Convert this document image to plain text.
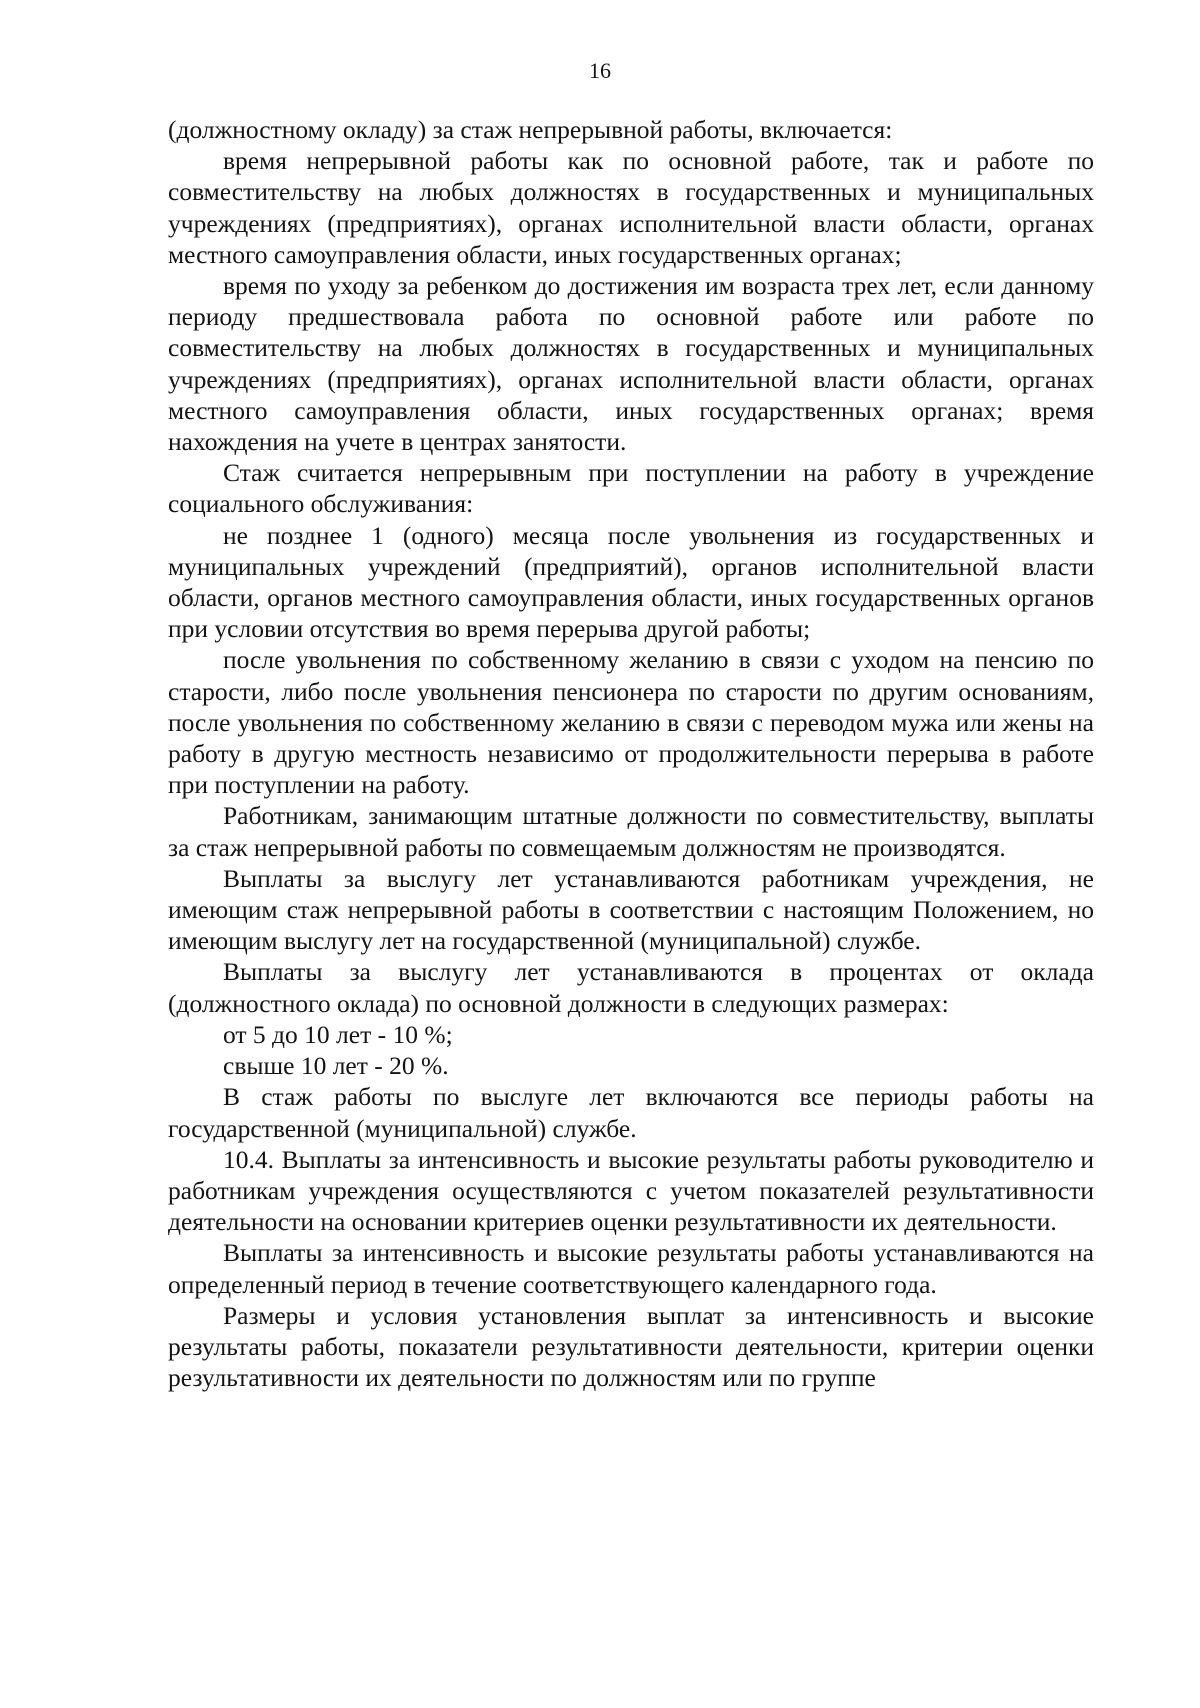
16

(должностному окладу) за стаж непрерывной работы, включается:

время непрерывной работы как по основной работе, так и работе по совместительству на любых должностях в государственных и муниципальных учреждениях (предприятиях), органах исполнительной власти области, органах местного самоуправления области, иных государственных органах;

время по уходу за ребенком до достижения им возраста трех лет, если данному периоду предшествовала работа по основной работе или работе по совместительству на любых должностях в государственных и муниципальных учреждениях (предприятиях), органах исполнительной власти области, органах местного самоуправления области, иных государственных органах; время нахождения на учете в центрах занятости.

Стаж считается непрерывным при поступлении на работу в учреждение социального обслуживания:

не позднее 1 (одного) месяца после увольнения из государственных и муниципальных учреждений (предприятий), органов исполнительной власти области, органов местного самоуправления области, иных государственных органов при условии отсутствия во время перерыва другой работы;

после увольнения по собственному желанию в связи с уходом на пенсию по старости, либо после увольнения пенсионера по старости по другим основаниям, после увольнения по собственному желанию в связи с переводом мужа или жены на работу в другую местность независимо от продолжительности перерыва в работе при поступлении на работу.

Работникам, занимающим штатные должности по совместительству, выплаты за стаж непрерывной работы по совмещаемым должностям не производятся.

Выплаты за выслугу лет устанавливаются работникам учреждения, не имеющим стаж непрерывной работы в соответствии с настоящим Положением, но имеющим выслугу лет на государственной (муниципальной) службе.

Выплаты за выслугу лет устанавливаются в процентах от оклада (должностного оклада) по основной должности в следующих размерах:

от 5 до 10 лет - 10 %;

свыше 10 лет - 20 %.

В стаж работы по выслуге лет включаются все периоды работы на государственной (муниципальной) службе.

10.4. Выплаты за интенсивность и высокие результаты работы руководителю и работникам учреждения осуществляются с учетом показателей результативности деятельности на основании критериев оценки результативности их деятельности.

Выплаты за интенсивность и высокие результаты работы устанавливаются на определенный период в течение соответствующего календарного года.

Размеры и условия установления выплат за интенсивность и высокие результаты работы, показатели результативности деятельности, критерии оценки результативности их деятельности по должностям или по группе
